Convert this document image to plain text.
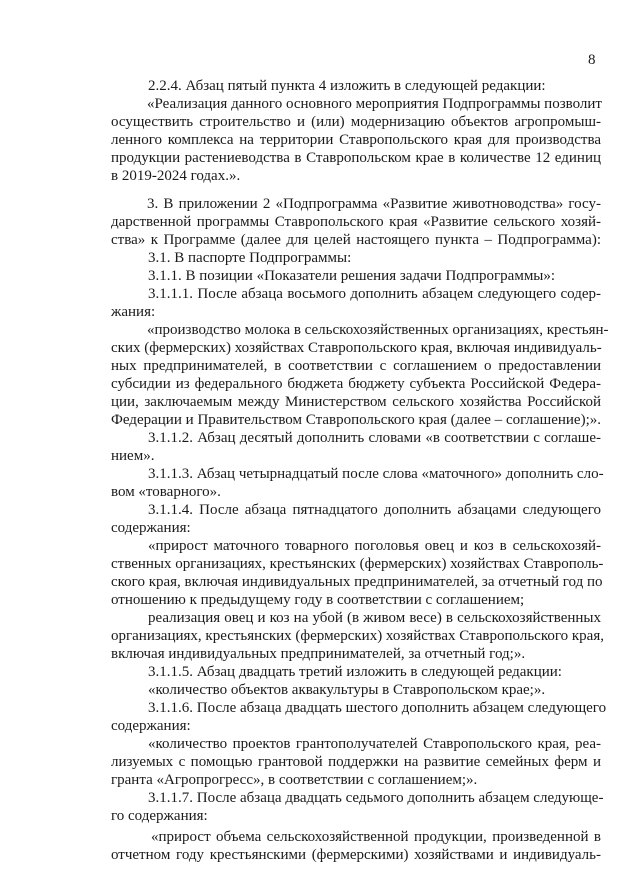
8
2.2.4. Абзац пятый пункта 4 изложить в следующей редакции:
«Реализация данного основного мероприятия Подпрограммы позволит
осуществить строительство и (или) модернизацию объектов агропромыш-
ленного комплекса на территории Ставропольского края для производства
продукции растениеводства в Ставропольском крае в количестве 12 единиц
в 2019-2024 годах.».
3. В приложении 2 «Подпрограмма «Развитие животноводства» госу-
дарственной программы Ставропольского края «Развитие сельского хозяй-
ства» к Программе (далее для целей настоящего пункта – Подпрограмма):
3.1. В паспорте Подпрограммы:
3.1.1. В позиции «Показатели решения задачи Подпрограммы»:
3.1.1.1. После абзаца восьмого дополнить абзацем следующего содер-
жания:
«производство молока в сельскохозяйственных организациях, крестьян-
ских (фермерских) хозяйствах Ставропольского края, включая индивидуаль-
ных предпринимателей, в соответствии с соглашением о предоставлении
субсидии из федерального бюджета бюджету субъекта Российской Федера-
ции, заключаемым между Министерством сельского хозяйства Российской
Федерации и Правительством Ставропольского края (далее – соглашение);».
3.1.1.2. Абзац десятый дополнить словами «в соответствии с соглаше-
нием».
3.1.1.3. Абзац четырнадцатый после слова «маточного» дополнить сло-
вом «товарного».
3.1.1.4. После абзаца пятнадцатого дополнить абзацами следующего
содержания:
«прирост маточного товарного поголовья овец и коз в сельскохозяй-
ственных организациях, крестьянских (фермерских) хозяйствах Ставрополь-
ского края, включая индивидуальных предпринимателей, за отчетный год по
отношению к предыдущему году в соответствии с соглашением;
реализация овец и коз на убой (в живом весе) в сельскохозяйственных
организациях, крестьянских (фермерских) хозяйствах Ставропольского края,
включая индивидуальных предпринимателей, за отчетный год;».
3.1.1.5. Абзац двадцать третий изложить в следующей редакции:
«количество объектов аквакультуры в Ставропольском крае;».
3.1.1.6. После абзаца двадцать шестого дополнить абзацем следующего
содержания:
«количество проектов грантополучателей Ставропольского края, реа-
лизуемых с помощью грантовой поддержки на развитие семейных ферм и
гранта «Агропрогресс», в соответствии с соглашением;».
3.1.1.7. После абзаца двадцать седьмого дополнить абзацем следующе-
го содержания:
«прирост объема сельскохозяйственной продукции, произведенной в
отчетном году крестьянскими (фермерскими) хозяйствами и индивидуаль-
